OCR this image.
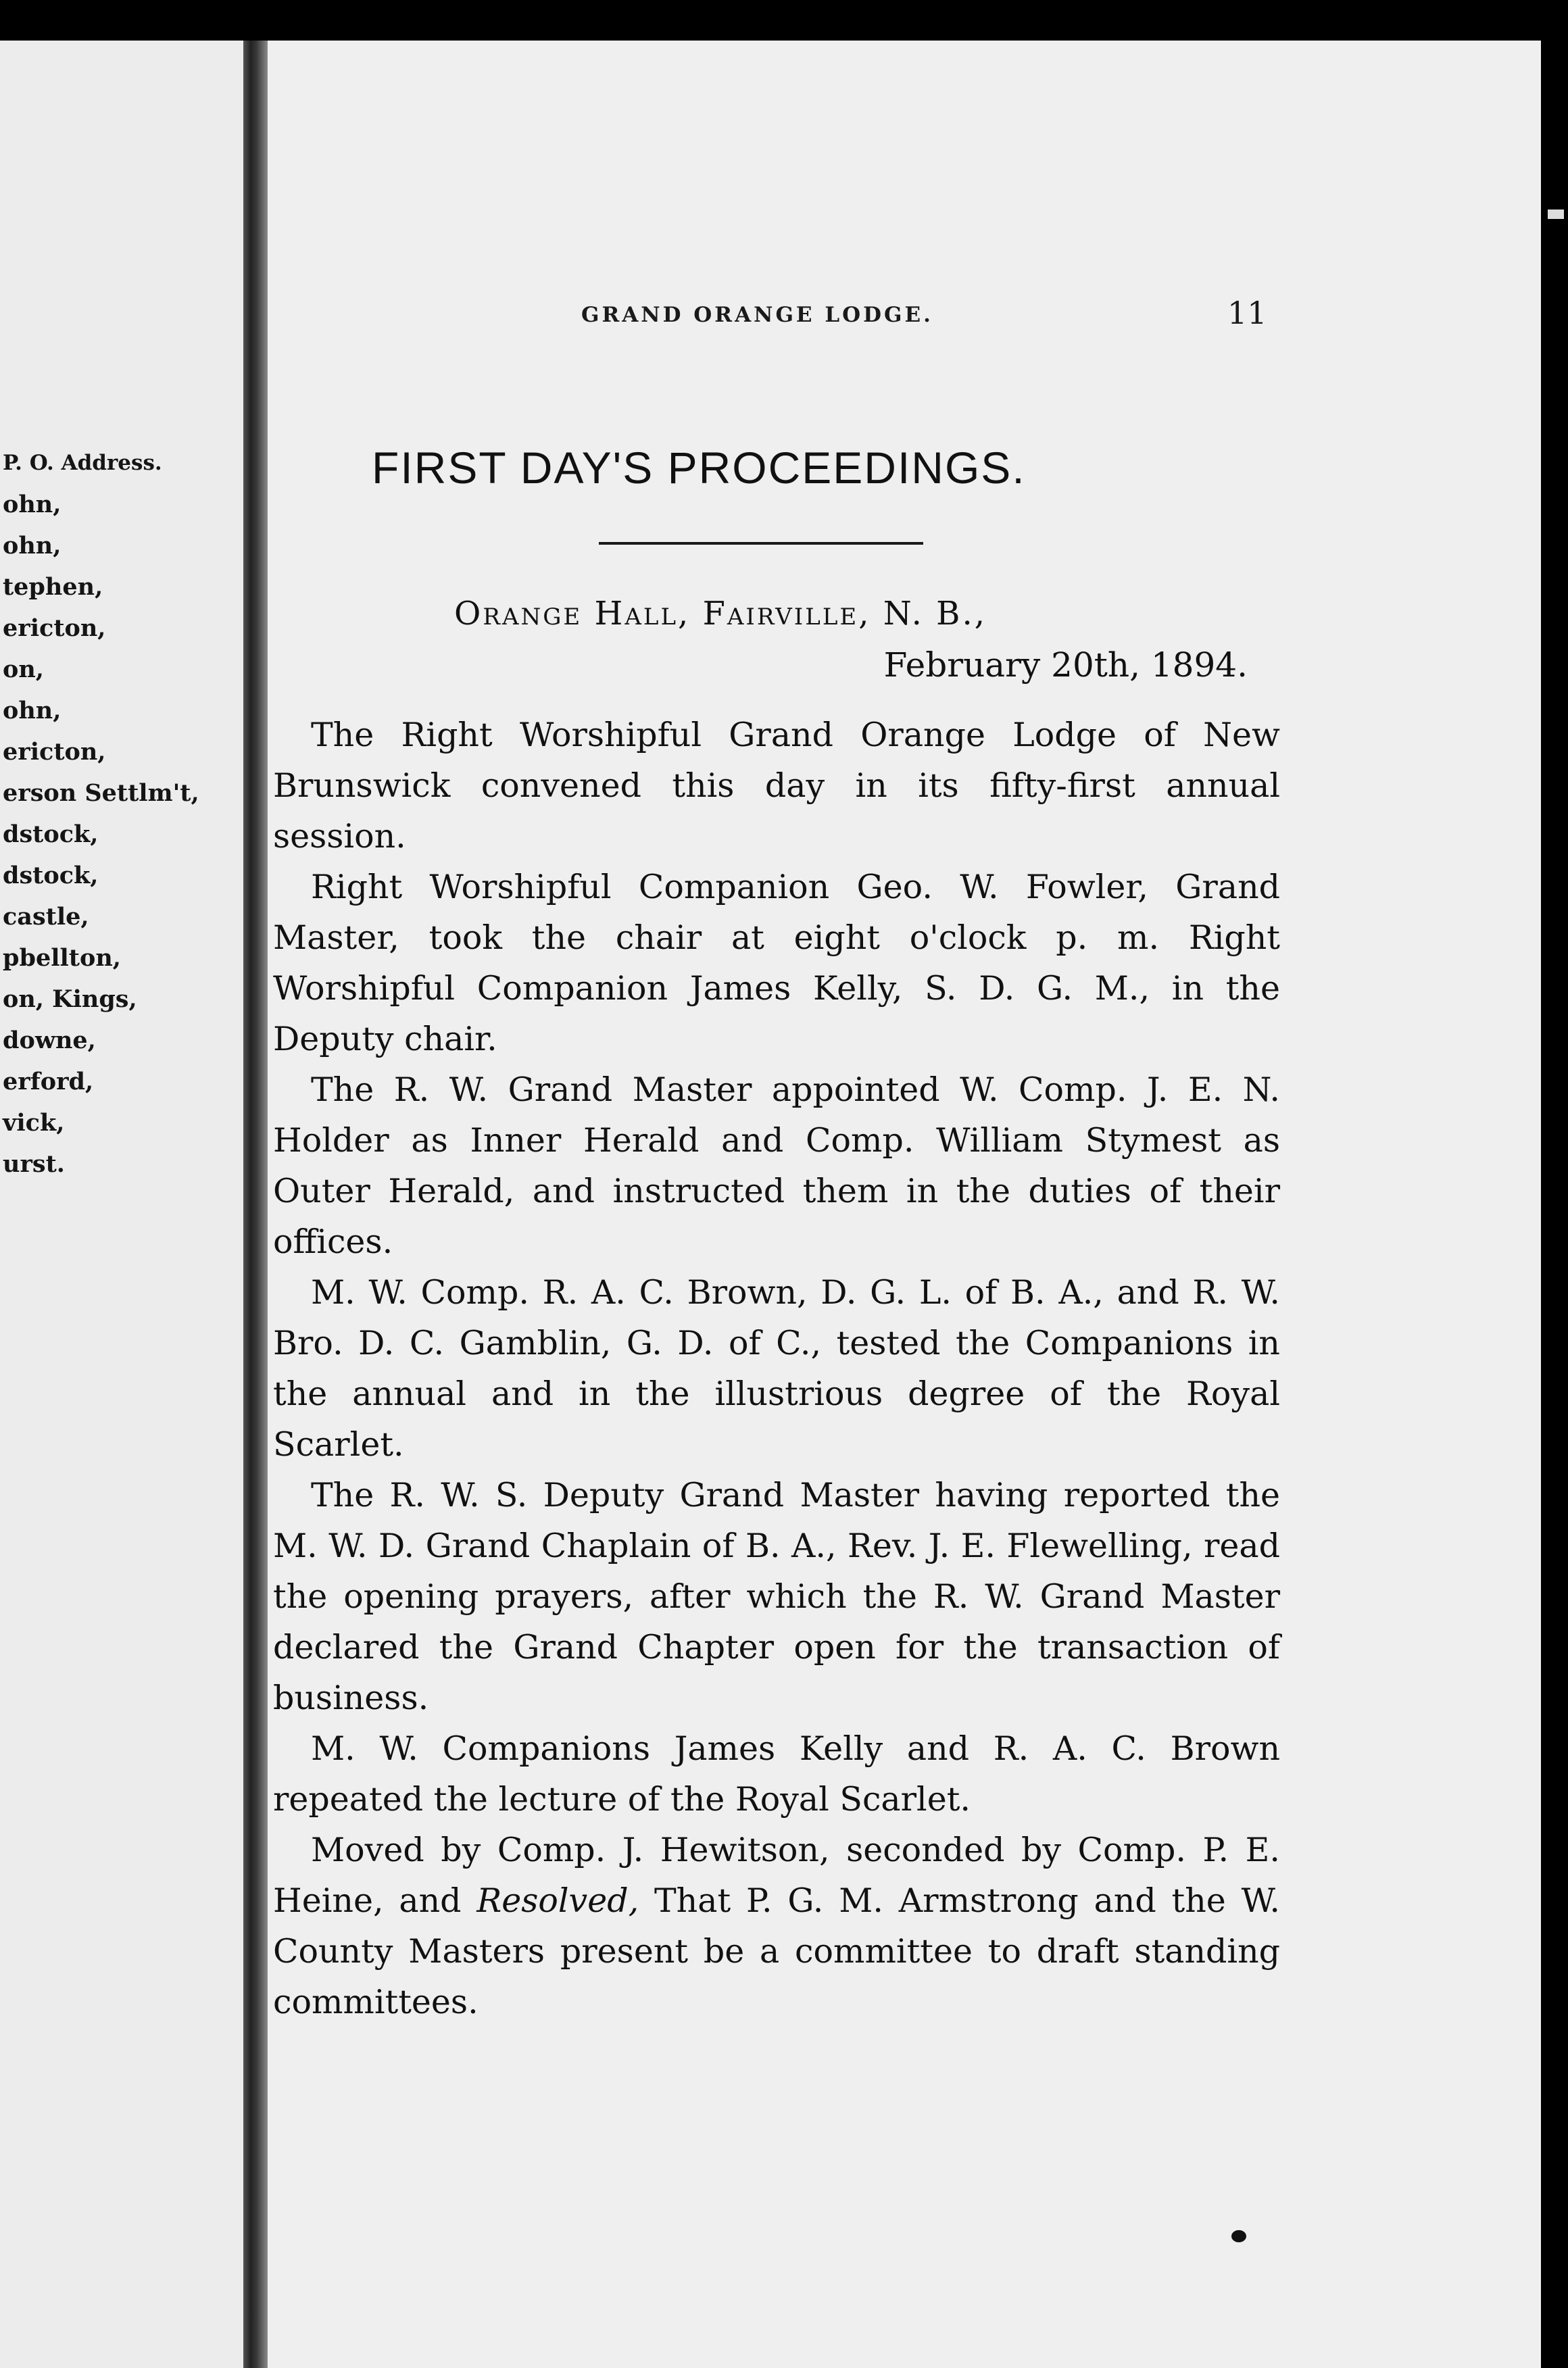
P. O. Address.
ohn,
ohn,
tephen,
ericton,
on,
ohn,
ericton,
erson Settlm't,
dstock,
dstock,
castle,
pbellton,
on, Kings,
downe,
erford,
vick,
urst.
GRAND ORANGE LODGE.	11
FIRST DAY'S PROCEEDINGS.
Orange Hall, Fairville, N. B.,
February 20th, 1894.

The Right Worshipful Grand Orange Lodge of New Brunswick convened this day in its fifty-first annual session.

Right Worshipful Companion Geo. W. Fowler, Grand Master, took the chair at eight o'clock p. m. Right Worshipful Companion James Kelly, S. D. G. M., in the Deputy chair.

The R. W. Grand Master appointed W. Comp. J. E. N. Holder as Inner Herald and Comp. William Stymest as Outer Herald, and instructed them in the duties of their offices.

M. W. Comp. R. A. C. Brown, D. G. L. of B. A., and R. W. Bro. D. C. Gamblin, G. D. of C., tested the Companions in the annual and in the illustrious degree of the Royal Scarlet.

The R. W. S. Deputy Grand Master having reported the M. W. D. Grand Chaplain of B. A., Rev. J. E. Flewelling, read the opening prayers, after which the R. W. Grand Master declared the Grand Chapter open for the transaction of business.

M. W. Companions James Kelly and R. A. C. Brown repeated the lecture of the Royal Scarlet.

Moved by Comp. J. Hewitson, seconded by Comp. P. E. Heine, and Resolved, That P. G. M. Armstrong and the W. County Masters present be a committee to draft standing committees.
